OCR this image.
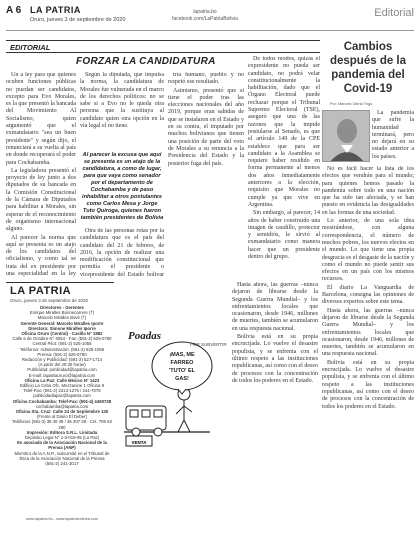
A 6 LA PATRIA
Oruro, jueves 3 de septiembre de 2020
lapatria.bo
facebook.com/LaPatriaBolivia	Editorial
EDITORIAL
FORZAR LA CANDIDATURA

Un a ley para que quienes ocuben funciones públicas no puedan ser candidatos, excepto para Evo Morales, es la que presentó la bancada del Movimiento Al Socialismo, quien argumentó que el exmandatario "sea un buen presidente" y según dijo, el renunciará a su vuelta al país en donde recuperará el poder para Cochabamba.

La legisladora presentó el proyecto de ley junto a dos diputados de su bancada en la Comisión Constitucional de la Cámara de Diputados para habilitar a Morales, sin esperar de el reconocimiento de organismo internacional alguno.

Al parecer la norma que aquí se presenta es un atajo de los candidatos del oficialismo, y como tal se trata del ex presidente por una especialidad en la ley

Según la diputada, que impulsa la norma, la candidatura de Morales fue vulnerada en el marco de los derechos políticos: no se sabe si a Evo no le queda otra persona que la sustituya al candidato quien otra opción en la vía legal el no tiene.

Al parecer la excusa que aquí se presenta es un atajo de la candidatura, a como de lugar, para que vaya como senador por el departamento de Cochabamba y de paso inhabilitar a otros postulantes como Carlos Mesa y Jorge Tuto Quiroga, quienes fueron también presidentes de Bolivia

Otra de las personas rotas por la candidatura que es el país del candidato del 21 de febrero, de 2016, la opción de realizar una modificación constitucional que permitía el presidente o vicepresidente del Estado bolivar

tría humano, pueblo y no respetó ese resultado.

Asimismo, presentó que si tiene el poder tras las elecciones nacionales del año 2019, porque eran sabidas de que se instalaron en el Estado y en su contra, el imputado por muchos bolivianos que tienen una posición de parte del voto de Morales a su renuncia a la Presidencia del Estado y la posterior fuga del país.

De todos modos, quizás el expresidente no pueda ser candidato, no podrá velar constitucionalmente la habilitación, dado que el Órgano Electoral puede rechazar porque el Tribunal Supremo Electoral (TSE), aseguró que una de las razones que la impide postularse al Senado, es que el artículo 149 de la CPE establece que para ser candidato a la Asamblea se requiere haber residido en forma permanente al menos dos años inmediatamente anteriores a la elección, requisito que Morales no cumple ya que vive en Argentina.

Sin embargo, al parecer, 14 años de haber construido una imagen de caudillo, protector y semidiós, le sirvió al exmandatario como manera hacer que un presidente dentro del grupo.

Cambios después de la pandemia del Covid-19
Por: Marcelo Ostria Trigo

La pandemia que sufre la humanidad terminará, pero no dejará en su estado anterior a los países.

No es fácil hacer la lista de los efectos que vendrán para el mundo; para quienes hemos pasado la pandemia sobre todo en una nación que ha sido tan afectada, y se han puesto en evidencia las desigualdades en las formas de una sociedad.

Lo anterior, de una sola idea mostrándose, con alguna correspondencia, el número de muchos pobres, los nuevos efectos en el mundo. Lo que tiene una propia desgracia es el desgaste de la nación y como el mundo no puede sentir sus efectos en un país con los mismos recursos.

El diario La Vanguardia de Barcelona, consigna las opiniones de diversos expertos sobre este tema.

Hasta ahora, las guerras –nunca dejaron de librarse desde la Segunda Guerra Mundial– y los enfrentamientos locales que ocasionaron, desde 1946, millones de muertes, también se acumularon en una respuesta nacional.

Bolivia está en su propia encrucijada. Lo vuelve el desastre populista, y se enfrenta con el último respeto a las instituciones republicanas, así como con el deseo de procesos con la concentración de todos los poderes en el Estado.

LA PATRIA
Oruro, jueves 3 de septiembre de 2020
Directores - Gerentes
Enrique Miralles Bonnecarrere (†)
Marcelo Miralles Bové (†)
Gerente General: Marcelo Miralles Iporre
Directora: Simone Miralles Iporre
Oficina Oruro (Central) - Casilla N° 1882
Calle 6 de Octubre N° 6054 - Fax: (591-2) 525-0780
Central Pilot: (591-2) 525-1055
Teléfonos: Administración: (591-2) 525-1055
Prensa: (591-2) 525-0780
Redacción y Publicidad: (591-2) 527-1714
(A partir del 20:30 horas)
Publicidad: publicidad@lapatria.com
E-mail: lapatriaoruro@lapatria.com
Oficina La Paz: Calle México N° 1423
Edificio La Ceba Ofc. Mezzanine 1 Oficina 8
Telef-Fax: (591-2) 2313-1275 / 244-7078
publicidadlapaz@lapatria.com
Oficina Cochabamba: Telef-Fax: (591-4) 4450728
cochabamba@lapatria.com
Oficina Sta. Cruz: Calle 24 de Septiembre 130
(Frente al Diario El Deber)
Teléfonos (591-3) 35 40 48 / 35 307 28 - Cel. 708 53 290
Impresión: Editora S.R.L. Limitada
Depósito Legal N° 1-3-019-95 (La Paz)
Es asociada de la Asociación Nacional de la Prensa (ANP)
Miembro de la A.N.P., subcomité en el Tribunal de Ética de la Asociación Nacional de la Prensa
(591-2) 241-3017
www.lapatria.bo - www.lapatriaenlinea.com
¡MAS, ME
FARREO
'TUTO' EL
GAS!
VENTA
Poadas
POR SUBVERTIR

Hasta ahora, las guerras –nunca dejaron de librarse desde la Segunda Guerra Mundial– y los enfrentamientos locales que ocasionaron, desde 1946, millones de muertes, también se acumularon en una respuesta nacional.

Bolivia está en su propia encrucijada. Lo vuelve el desastre populista, y se enfrenta con el último respeto a las instituciones republicanas, así como con el deseo de procesos con la concentración de todos los poderes en el Estado.
